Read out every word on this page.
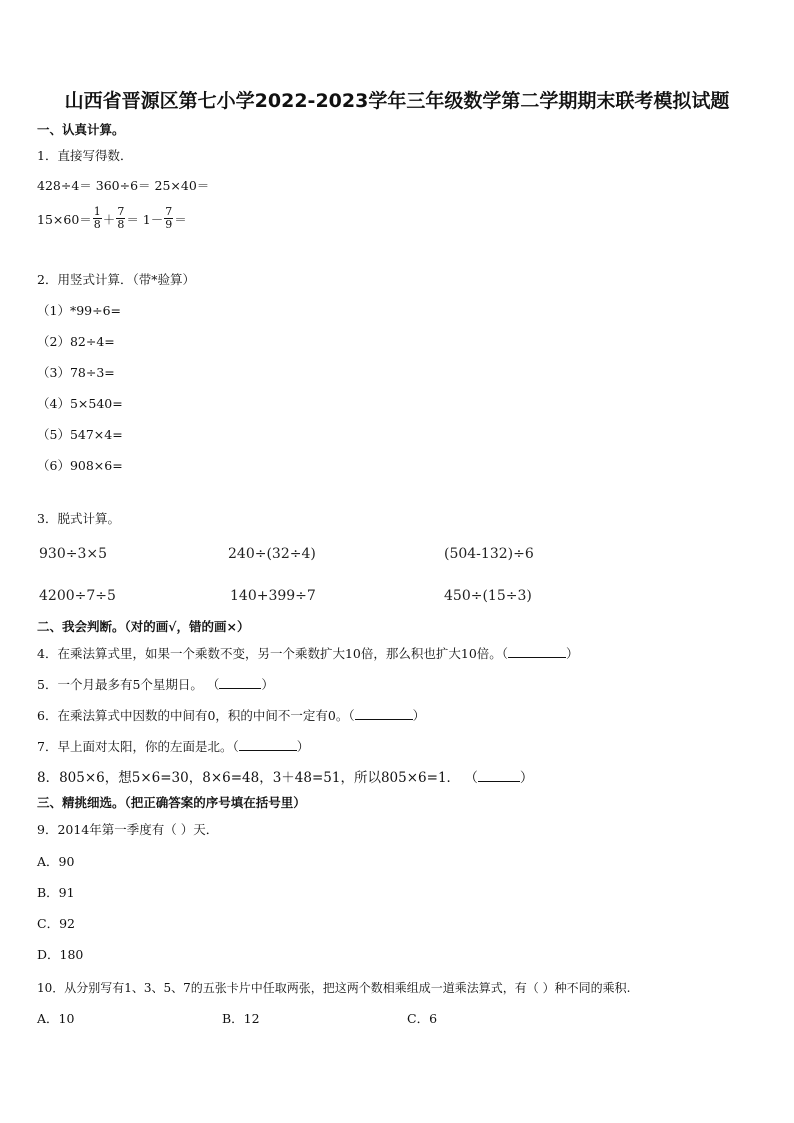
山西省晋源区第七小学2022-2023学年三年级数学第二学期期末联考模拟试题
一、认真计算。
1．直接写得数．
428÷4＝ 360÷6＝ 25×40＝
$15\times 60= \frac{1}{8} + \frac{7}{8} = 1- \frac{7}{9}$ ＝
2．用竖式计算．（带*验算）
（1）*99÷6=
（2）82÷4=
（3）78÷3=
（4）5×540=
（5）547×4=
（6）908×6=
3．脱式计算。
930÷3×5	240÷(32÷4)	(504-132)÷6
4200÷7÷5	140+399÷7	450÷(15÷3)
二、我会判断。（对的画√，错的画×）
4．在乘法算式里，如果一个乘数不变，另一个乘数扩大10倍，那么积也扩大10倍。（	）
5．一个月最多有5个星期日。 （	）
6．在乘法算式中因数的中间有0，积的中间不一定有0。（	）
7．早上面对太阳，你的左面是北。（	）
8．805×6，想5×6=30，8×6=48，3＋48=51，所以805×6=1． （	）
三、精挑细选。（把正确答案的序号填在括号里）
9．2014年第一季度有（ ）天．
A．90
B．91
C．92
D．180
10．从分别写有1、3、5、7的五张卡片中任取两张，把这两个数相乘组成一道乘法算式，有（ ）种不同的乘积.
A．10	B．12	C．6
